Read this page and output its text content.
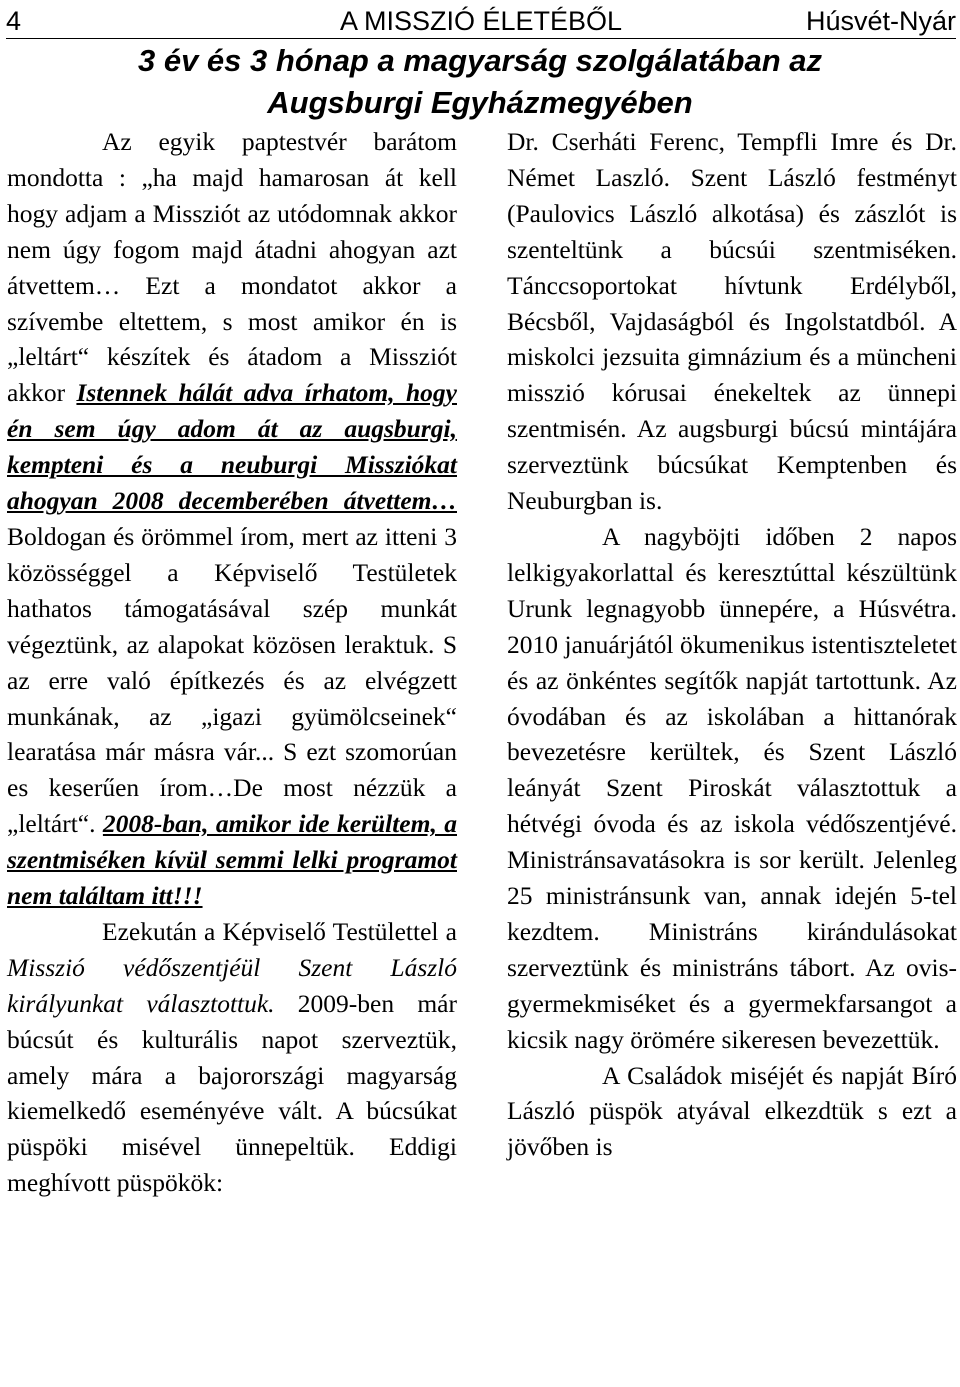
4	A MISSZIÓ ÉLETÉBŐL	Húsvét-Nyár
3 év és 3 hónap a magyarság szolgálatában az
Augsburgi Egyházmegyében

Az egyik paptestvér barátom mondotta : „ha majd hamarosan át kell hogy adjam a Missziót az utódomnak akkor nem úgy fogom majd átadni ahogyan azt átvettem… Ezt a mondatot akkor a szívembe eltettem, s most amikor én is „leltárt“ készítek és átadom a Missziót akkor Istennek hálát adva írhatom, hogy én sem úgy adom át az augsburgi, kempteni és a neuburgi Missziókat ahogyan 2008 decemberében átvettem… Boldogan és örömmel írom, mert az itteni 3 közösséggel a Képviselő Testületek hathatos támogatásával szép munkát végeztünk, az alapokat közösen leraktuk. S az erre való építkezés és az elvégzett munkának, az „igazi gyümölcseinek“ learatása már másra vár... S ezt szomorúan es keserűen írom…De most nézzük a „leltárt“. 2008-ban, amikor ide kerültem, a szentmiséken kívül semmi lelki programot nem találtam itt!!!

Ezekután a Képviselő Testülettel a Misszió védőszentjéül Szent László királyunkat választottuk. 2009-ben már búcsút és kulturális napot szerveztük, amely mára a bajorországi magyarság kiemelkedő eseményéve vált. A búcsúkat püspöki misével ünnepeltük. Eddigi meghívott püspökök:

Dr. Cserháti Ferenc, Tempfli Imre és Dr. Német Laszló. Szent László festményt (Paulovics László alkotása) és zászlót is szenteltünk a búcsúi szentmiséken. Tánccsoportokat hívtunk Erdélyből, Bécsből, Vajdaságból és Ingolstatdból. A miskolci jezsuita gimnázium és a müncheni misszió kórusai énekeltek az ünnepi szentmisén. Az augsburgi búcsú mintájára szerveztünk búcsúkat Kemptenben és Neuburgban is.

A nagyböjti időben 2 napos lelkigyakorlattal és keresztúttal készültünk Urunk legnagyobb ünnepére, a Húsvétra. 2010 januárjától ökumenikus istentiszteletet és az önkéntes segítők napját tartottunk. Az óvodában és az iskolában a hittanórak bevezetésre kerültek, és Szent László leányát Szent Piroskát választottuk a hétvégi óvoda és az iskola védőszentjévé. Ministránsavatásokra is sor került. Jelenleg 25 ministránsunk van, annak idején 5-tel kezdtem. Ministráns kirándulásokat szerveztünk és ministráns tábort. Az ovis-gyermekmiséket és a gyermekfarsangot a kicsik nagy örömére sikeresen bevezettük.

A Családok miséjét és napját Bíró László püspök atyával elkezdtük s ezt a jövőben is
